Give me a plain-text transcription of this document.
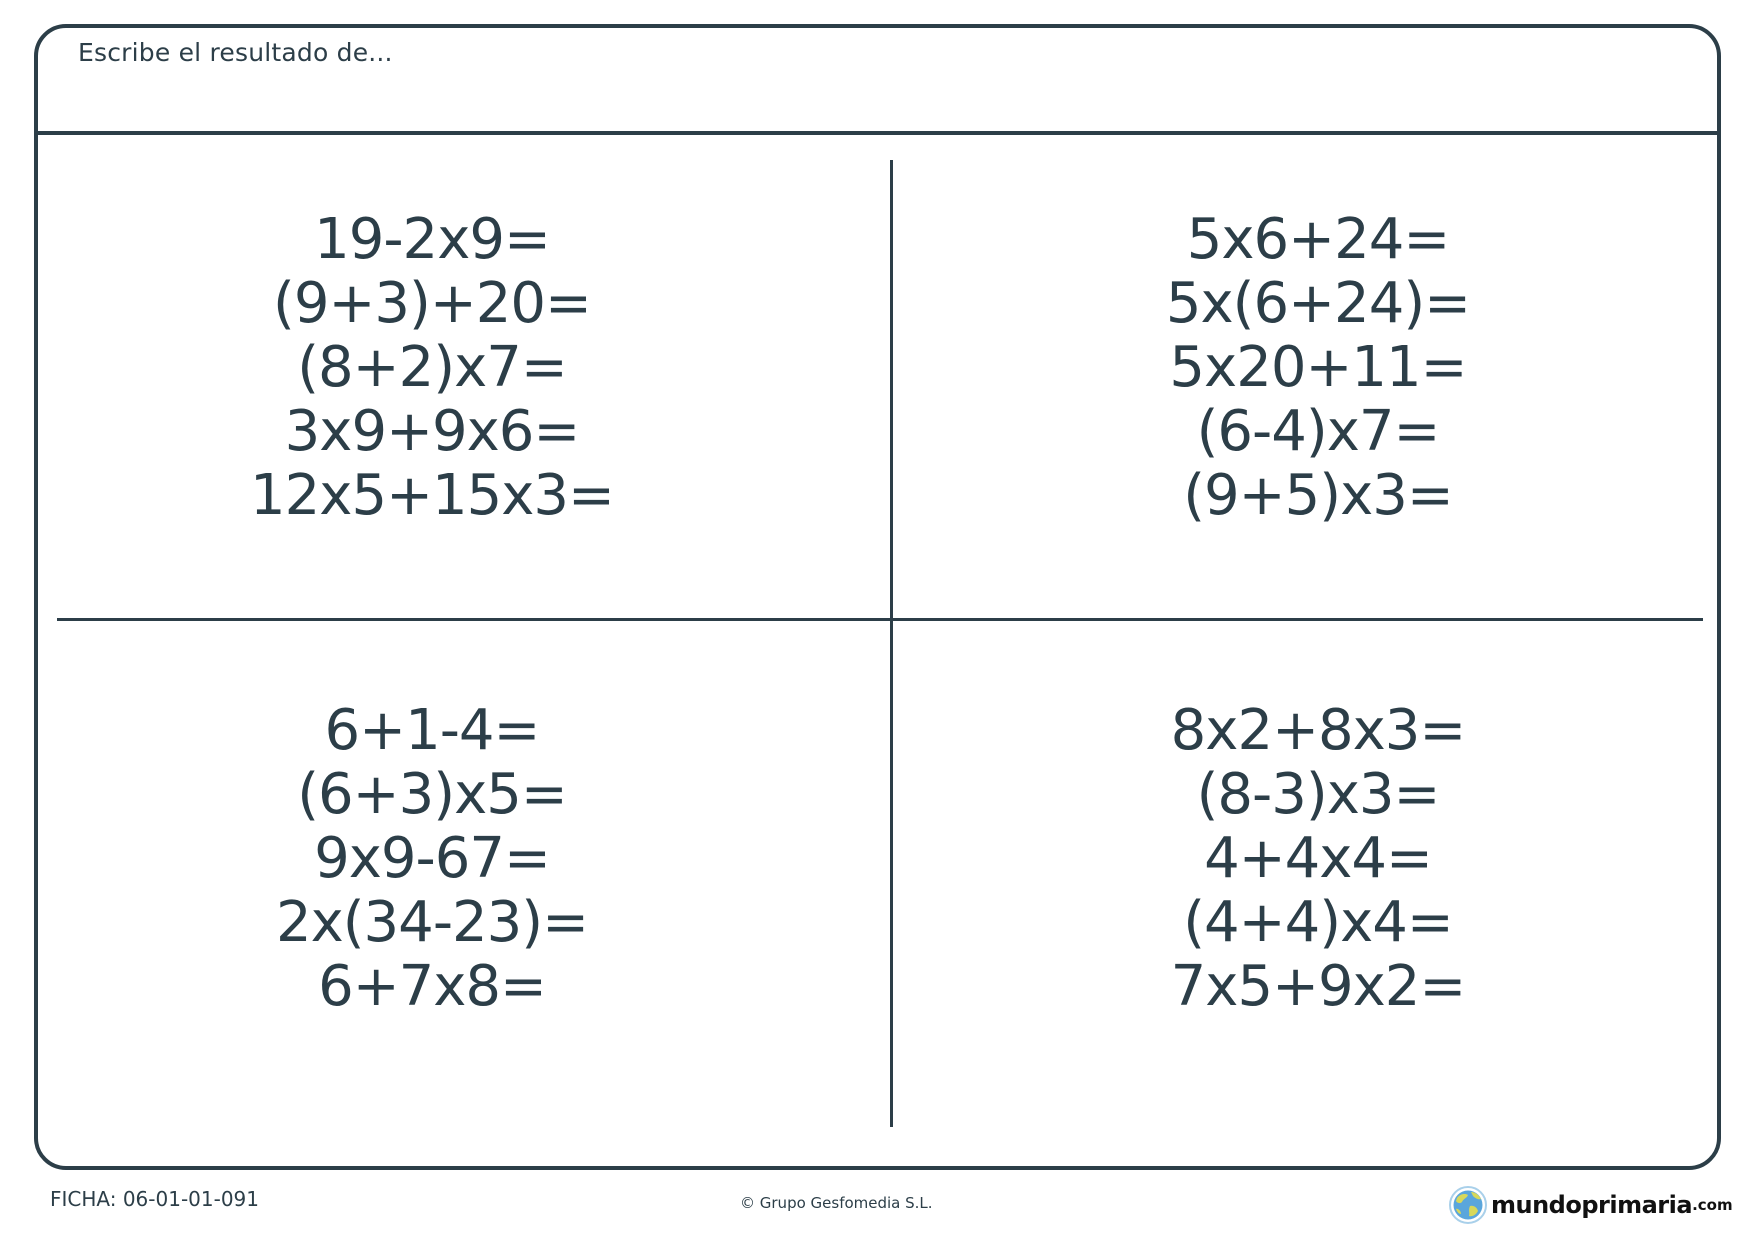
Escribe el resultado de...
19-2x9=
(9+3)+20=
(8+2)x7=
3x9+9x6=
12x5+15x3=
5x6+24=
5x(6+24)=
5x20+11=
(6-4)x7=
(9+5)x3=
6+1-4=
(6+3)x5=
9x9-67=
2x(34-23)=
6+7x8=
8x2+8x3=
(8-3)x3=
4+4x4=
(4+4)x4=
7x5+9x2=
FICHA: 06-01-01-091	© Grupo Gesfomedia S.L.	mundoprimaria .com
